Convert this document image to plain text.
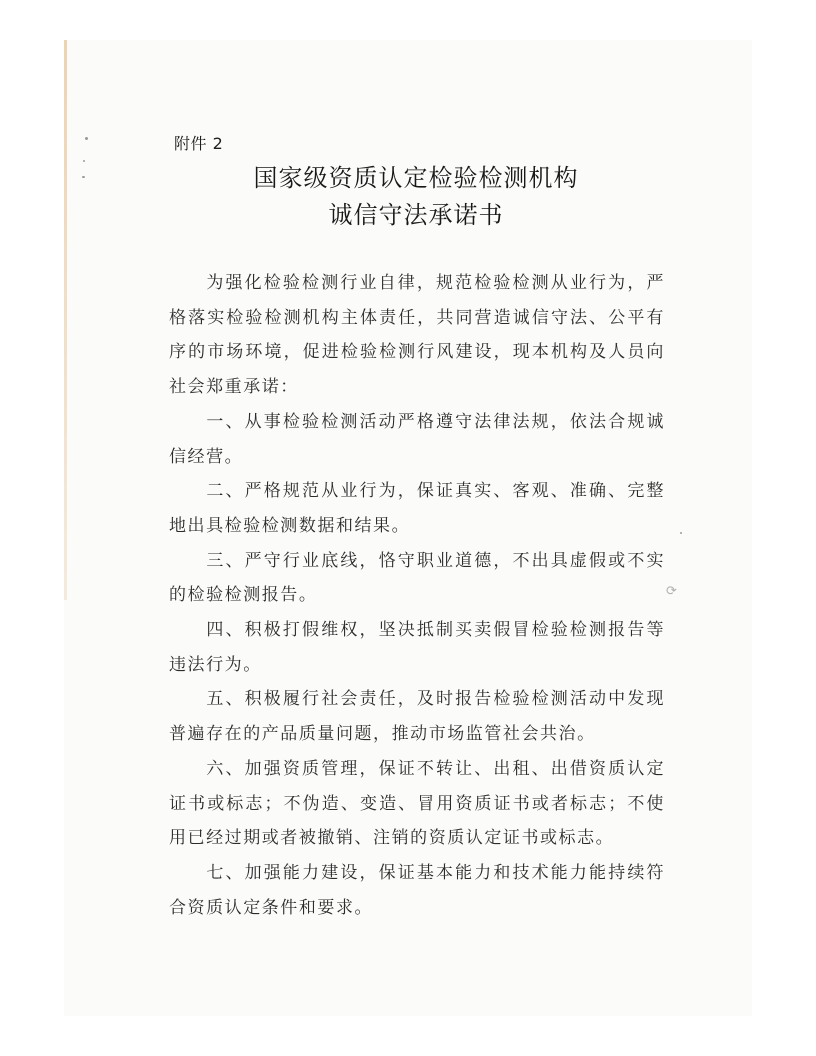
⟳
附件 2
国家级资质认定检验检测机构
诚信守法承诺书

为强化检验检测行业自律，规范检验检测从业行为，严格落实检验检测机构主体责任，共同营造诚信守法、公平有序的市场环境，促进检验检测行风建设，现本机构及人员向社会郑重承诺：

一、从事检验检测活动严格遵守法律法规，依法合规诚信经营。

二、严格规范从业行为，保证真实、客观、准确、完整地出具检验检测数据和结果。

三、严守行业底线，恪守职业道德，不出具虚假或不实的检验检测报告。

四、积极打假维权，坚决抵制买卖假冒检验检测报告等违法行为。

五、积极履行社会责任，及时报告检验检测活动中发现普遍存在的产品质量问题，推动市场监管社会共治。

六、加强资质管理，保证不转让、出租、出借资质认定证书或标志；不伪造、变造、冒用资质证书或者标志；不使用已经过期或者被撤销、注销的资质认定证书或标志。

七、加强能力建设，保证基本能力和技术能力能持续符合资质认定条件和要求。
